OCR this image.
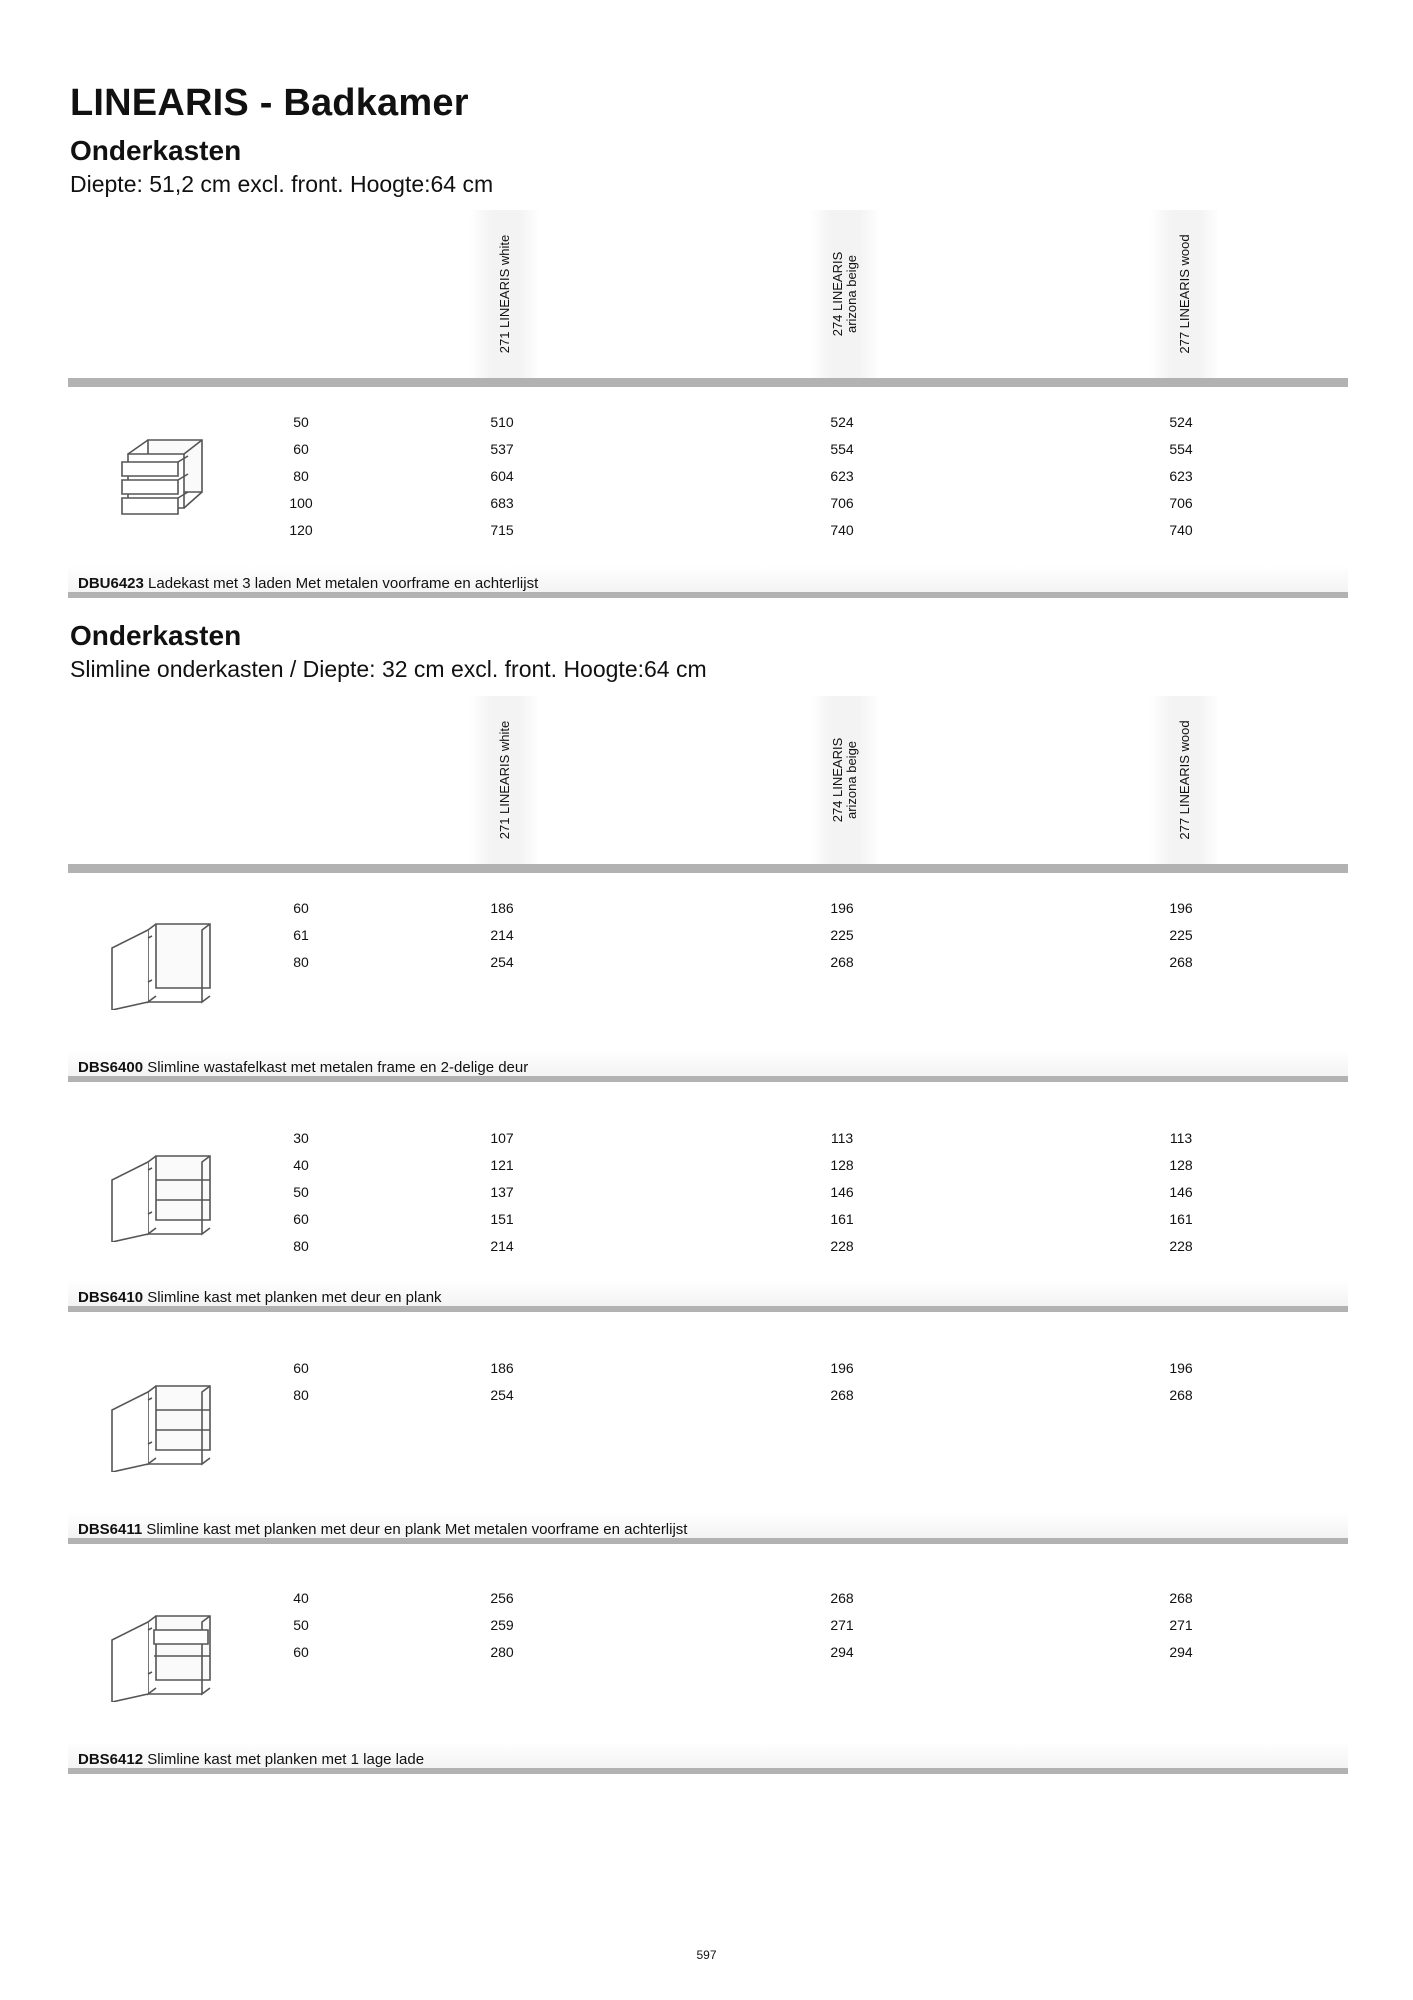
LINEARIS - Badkamer
Onderkasten
Diepte: 51,2 cm excl. front. Hoogte:64 cm
271 LINEARIS white	274 LINEARIS arizona beige	277 LINEARIS wood
50	510	524	524
60	537	554	554
80	604	623	623
100	683	706	706
120	715	740	740
DBU6423 Ladekast met 3 laden Met metalen voorframe en achterlijst
Onderkasten
Slimline onderkasten / Diepte: 32 cm excl. front. Hoogte:64 cm
271 LINEARIS white	274 LINEARIS arizona beige	277 LINEARIS wood
60	186	196	196
61	214	225	225
80	254	268	268
DBS6400 Slimline wastafelkast met metalen frame en 2-delige deur
30	107	113	113
40	121	128	128
50	137	146	146
60	151	161	161
80	214	228	228
DBS6410 Slimline kast met planken met deur en plank
60	186	196	196
80	254	268	268
DBS6411 Slimline kast met planken met deur en plank Met metalen voorframe en achterlijst
40	256	268	268
50	259	271	271
60	280	294	294
DBS6412 Slimline kast met planken met 1 lage lade
597
